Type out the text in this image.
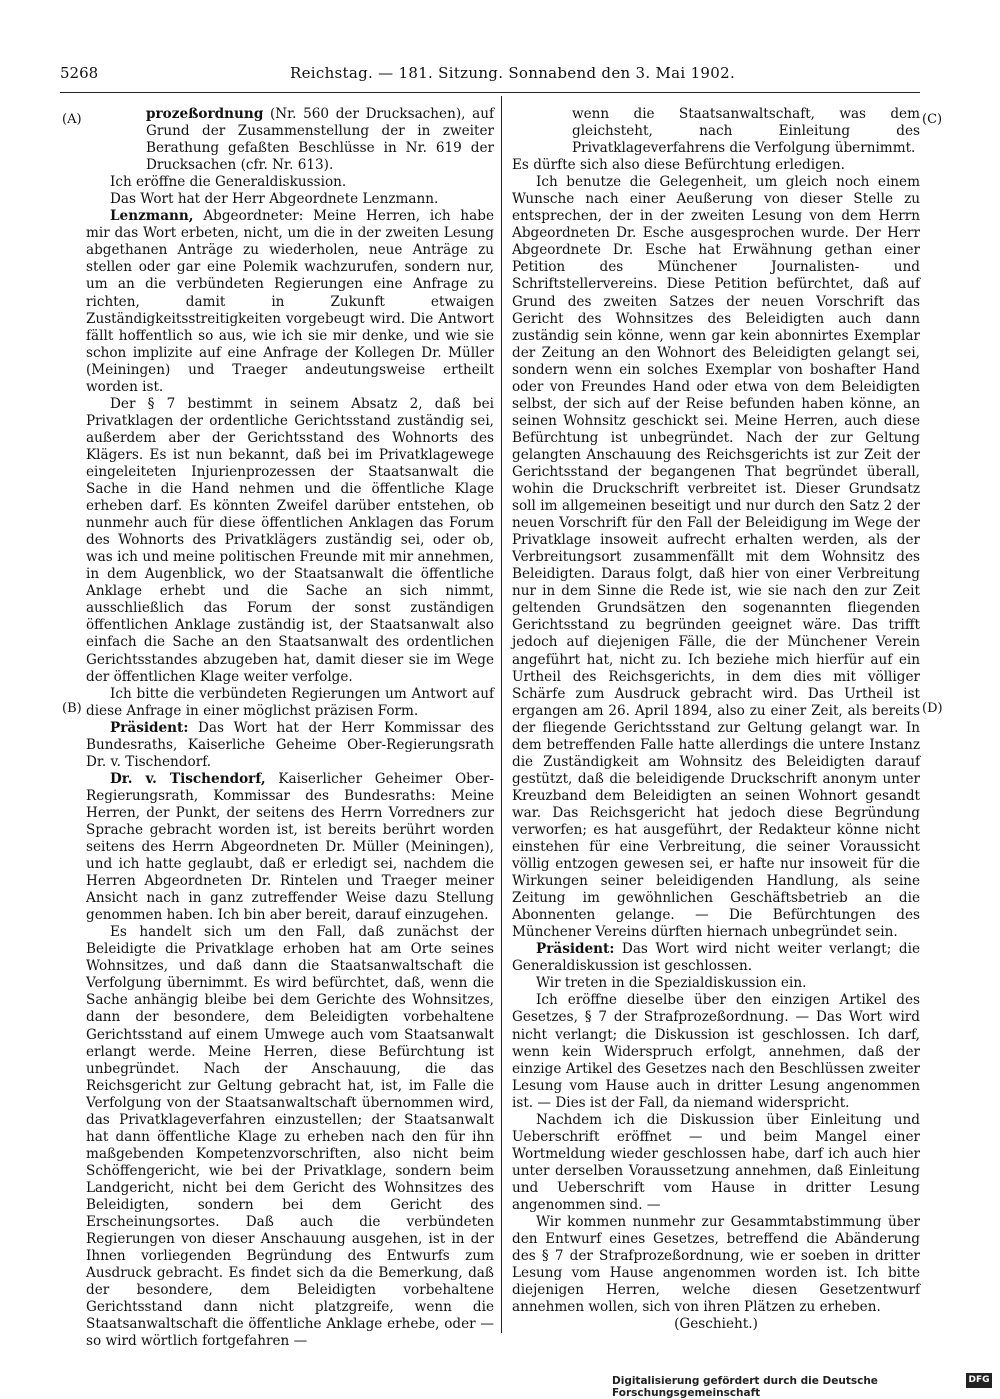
5268	Reichstag. — 181. Sitzung. Sonnabend den 3. Mai 1902.
(A)
(B)
(C)
(D)

prozeßordnung (Nr. 560 der Drucksachen), auf Grund der Zusammenstellung der in zweiter Berathung gefaßten Beschlüsse in Nr. 619 der Drucksachen (cfr. Nr. 613).

Ich eröffne die Generaldiskussion.

Das Wort hat der Herr Abgeordnete Lenzmann.

Lenzmann, Abgeordneter: Meine Herren, ich habe mir das Wort erbeten, nicht, um die in der zweiten Lesung abgethanen Anträge zu wiederholen, neue Anträge zu stellen oder gar eine Polemik wachzurufen, sondern nur, um an die verbündeten Regierungen eine Anfrage zu richten, damit in Zukunft etwaigen Zuständigkeitsstreitigkeiten vorgebeugt wird. Die Antwort fällt hoffentlich so aus, wie ich sie mir denke, und wie sie schon implizite auf eine Anfrage der Kollegen Dr. Müller (Meiningen) und Traeger andeutungsweise ertheilt worden ist.

Der § 7 bestimmt in seinem Absatz 2, daß bei Privatklagen der ordentliche Gerichtsstand zuständig sei, außerdem aber der Gerichtsstand des Wohnorts des Klägers. Es ist nun bekannt, daß bei im Privatklagewege eingeleiteten Injurienprozessen der Staatsanwalt die Sache in die Hand nehmen und die öffentliche Klage erheben darf. Es könnten Zweifel darüber entstehen, ob nunmehr auch für diese öffentlichen Anklagen das Forum des Wohnorts des Privatklägers zuständig sei, oder ob, was ich und meine politischen Freunde mit mir annehmen, in dem Augenblick, wo der Staatsanwalt die öffentliche Anklage erhebt und die Sache an sich nimmt, ausschließlich das Forum der sonst zuständigen öffentlichen Anklage zuständig ist, der Staatsanwalt also einfach die Sache an den Staatsanwalt des ordentlichen Gerichtsstandes abzugeben hat, damit dieser sie im Wege der öffentlichen Klage weiter verfolge.

Ich bitte die verbündeten Regierungen um Antwort auf diese Anfrage in einer möglichst präzisen Form.

Präsident: Das Wort hat der Herr Kommissar des Bundesraths, Kaiserliche Geheime Ober-Regierungsrath Dr. v. Tischendorf.

Dr. v. Tischendorf, Kaiserlicher Geheimer Ober-Regierungsrath, Kommissar des Bundesraths: Meine Herren, der Punkt, der seitens des Herrn Vorredners zur Sprache gebracht worden ist, ist bereits berührt worden seitens des Herrn Abgeordneten Dr. Müller (Meiningen), und ich hatte geglaubt, daß er erledigt sei, nachdem die Herren Abgeordneten Dr. Rintelen und Traeger meiner Ansicht nach in ganz zutreffender Weise dazu Stellung genommen haben. Ich bin aber bereit, darauf einzugehen.

Es handelt sich um den Fall, daß zunächst der Beleidigte die Privatklage erhoben hat am Orte seines Wohnsitzes, und daß dann die Staatsanwaltschaft die Verfolgung übernimmt. Es wird befürchtet, daß, wenn die Sache anhängig bleibe bei dem Gerichte des Wohnsitzes, dann der besondere, dem Beleidigten vorbehaltene Gerichtsstand auf einem Umwege auch vom Staatsanwalt erlangt werde. Meine Herren, diese Befürchtung ist unbegründet. Nach der Anschauung, die das Reichsgericht zur Geltung gebracht hat, ist, im Falle die Verfolgung von der Staatsanwaltschaft übernommen wird, das Privatklageverfahren einzustellen; der Staatsanwalt hat dann öffentliche Klage zu erheben nach den für ihn maßgebenden Kompetenzvorschriften, also nicht beim Schöffengericht, wie bei der Privatklage, sondern beim Landgericht, nicht bei dem Gericht des Wohnsitzes des Beleidigten, sondern bei dem Gericht des Erscheinungsortes. Daß auch die verbündeten Regierungen von dieser Anschauung ausgehen, ist in der Ihnen vorliegenden Begründung des Entwurfs zum Ausdruck gebracht. Es findet sich da die Bemerkung, daß der besondere, dem Beleidigten vorbehaltene Gerichtsstand dann nicht platzgreife, wenn die Staatsanwaltschaft die öffentliche Anklage erhebe, oder — so wird wörtlich fortgefahren —

wenn die Staatsanwaltschaft, was dem gleichsteht, nach Einleitung des Privatklageverfahrens die Verfolgung übernimmt.

Es dürfte sich also diese Befürchtung erledigen.

Ich benutze die Gelegenheit, um gleich noch einem Wunsche nach einer Aeußerung von dieser Stelle zu entsprechen, der in der zweiten Lesung von dem Herrn Abgeordneten Dr. Esche ausgesprochen wurde. Der Herr Abgeordnete Dr. Esche hat Erwähnung gethan einer Petition des Münchener Journalisten- und Schriftstellervereins. Diese Petition befürchtet, daß auf Grund des zweiten Satzes der neuen Vorschrift das Gericht des Wohnsitzes des Beleidigten auch dann zuständig sein könne, wenn gar kein abonnirtes Exemplar der Zeitung an den Wohnort des Beleidigten gelangt sei, sondern wenn ein solches Exemplar von boshafter Hand oder von Freundes Hand oder etwa von dem Beleidigten selbst, der sich auf der Reise befunden haben könne, an seinen Wohnsitz geschickt sei. Meine Herren, auch diese Befürchtung ist unbegründet. Nach der zur Geltung gelangten Anschauung des Reichsgerichts ist zur Zeit der Gerichtsstand der begangenen That begründet überall, wohin die Druckschrift verbreitet ist. Dieser Grundsatz soll im allgemeinen beseitigt und nur durch den Satz 2 der neuen Vorschrift für den Fall der Beleidigung im Wege der Privatklage insoweit aufrecht erhalten werden, als der Verbreitungsort zusammenfällt mit dem Wohnsitz des Beleidigten. Daraus folgt, daß hier von einer Verbreitung nur in dem Sinne die Rede ist, wie sie nach den zur Zeit geltenden Grundsätzen den sogenannten fliegenden Gerichtsstand zu begründen geeignet wäre. Das trifft jedoch auf diejenigen Fälle, die der Münchener Verein angeführt hat, nicht zu. Ich beziehe mich hierfür auf ein Urtheil des Reichsgerichts, in dem dies mit völliger Schärfe zum Ausdruck gebracht wird. Das Urtheil ist ergangen am 26. April 1894, also zu einer Zeit, als bereits der fliegende Gerichtsstand zur Geltung gelangt war. In dem betreffenden Falle hatte allerdings die untere Instanz die Zuständigkeit am Wohnsitz des Beleidigten darauf gestützt, daß die beleidigende Druckschrift anonym unter Kreuzband dem Beleidigten an seinen Wohnort gesandt war. Das Reichsgericht hat jedoch diese Begründung verworfen; es hat ausgeführt, der Redakteur könne nicht einstehen für eine Verbreitung, die seiner Voraussicht völlig entzogen gewesen sei, er hafte nur insoweit für die Wirkungen seiner beleidigenden Handlung, als seine Zeitung im gewöhnlichen Geschäftsbetrieb an die Abonnenten gelange. — Die Befürchtungen des Münchener Vereins dürften hiernach unbegründet sein.

Präsident: Das Wort wird nicht weiter verlangt; die Generaldiskussion ist geschlossen.

Wir treten in die Spezialdiskussion ein.

Ich eröffne dieselbe über den einzigen Artikel des Gesetzes, § 7 der Strafprozeßordnung. — Das Wort wird nicht verlangt; die Diskussion ist geschlossen. Ich darf, wenn kein Widerspruch erfolgt, annehmen, daß der einzige Artikel des Gesetzes nach den Beschlüssen zweiter Lesung vom Hause auch in dritter Lesung angenommen ist. — Dies ist der Fall, da niemand widerspricht.

Nachdem ich die Diskussion über Einleitung und Ueberschrift eröffnet — und beim Mangel einer Wortmeldung wieder geschlossen habe, darf ich auch hier unter derselben Voraussetzung annehmen, daß Einleitung und Ueberschrift vom Hause in dritter Lesung angenommen sind. —

Wir kommen nunmehr zur Gesammtabstimmung über den Entwurf eines Gesetzes, betreffend die Abänderung des § 7 der Strafprozeßordnung, wie er soeben in dritter Lesung vom Hause angenommen worden ist. Ich bitte diejenigen Herren, welche diesen Gesetzentwurf annehmen wollen, sich von ihren Plätzen zu erheben.

(Geschieht.)

Digitalisierung gefördert durch die Deutsche Forschungsgemeinschaft
DFG
